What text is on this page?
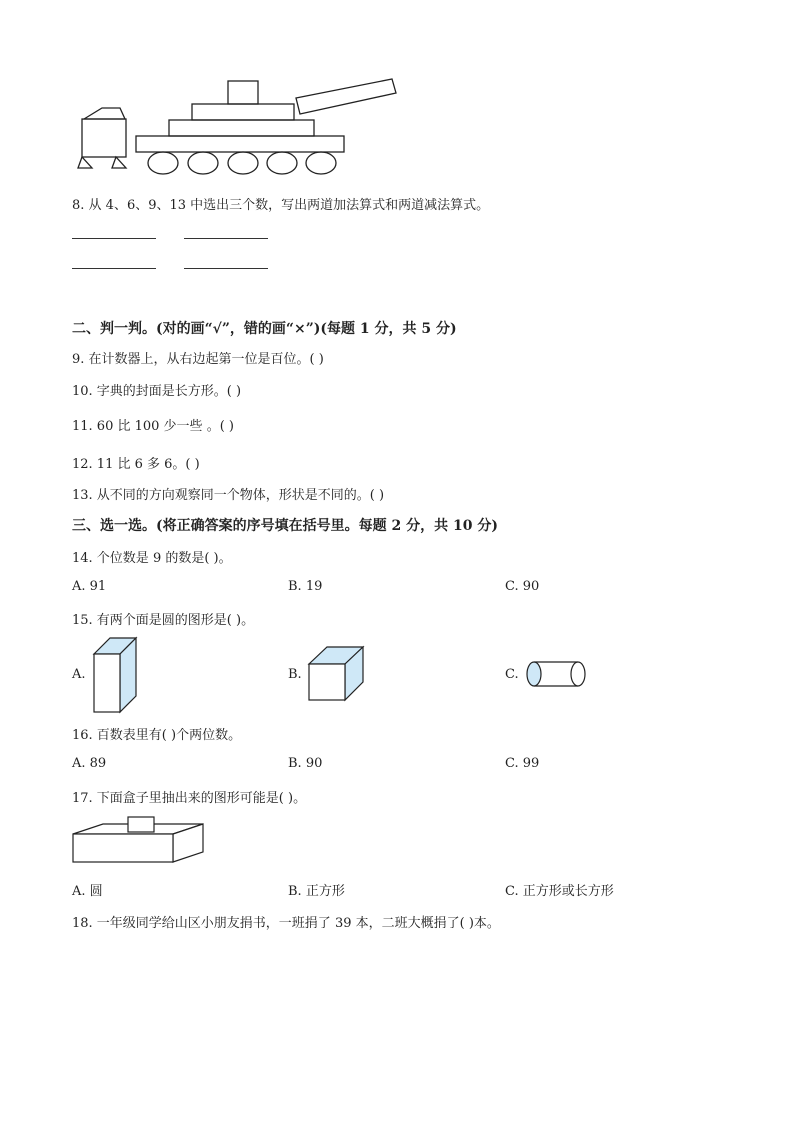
8. 从 4、6、9、13 中选出三个数，写出两道加法算式和两道减法算式。
二、判一判。(对的画“√”，错的画“×”)(每题 1 分，共 5 分)
9. 在计数器上，从右边起第一位是百位。( )
10. 字典的封面是长方形。( )
11. 60 比 100 少一些 。( )
12. 11 比 6 多 6。( )
13. 从不同的方向观察同一个物体，形状是不同的。( )
三、选一选。(将正确答案的序号填在括号里。每题 2 分，共 10 分)
14. 个位数是 9 的数是( )。
A. 91	B. 19	C. 90
15. 有两个面是圆的图形是( )。
A.	B.	C.
16. 百数表里有( )个两位数。
A. 89	B. 90	C. 99
17. 下面盒子里抽出来的图形可能是( )。
A. 圆	B. 正方形	C. 正方形或长方形
18. 一年级同学给山区小朋友捐书，一班捐了 39 本，二班大概捐了( )本。
